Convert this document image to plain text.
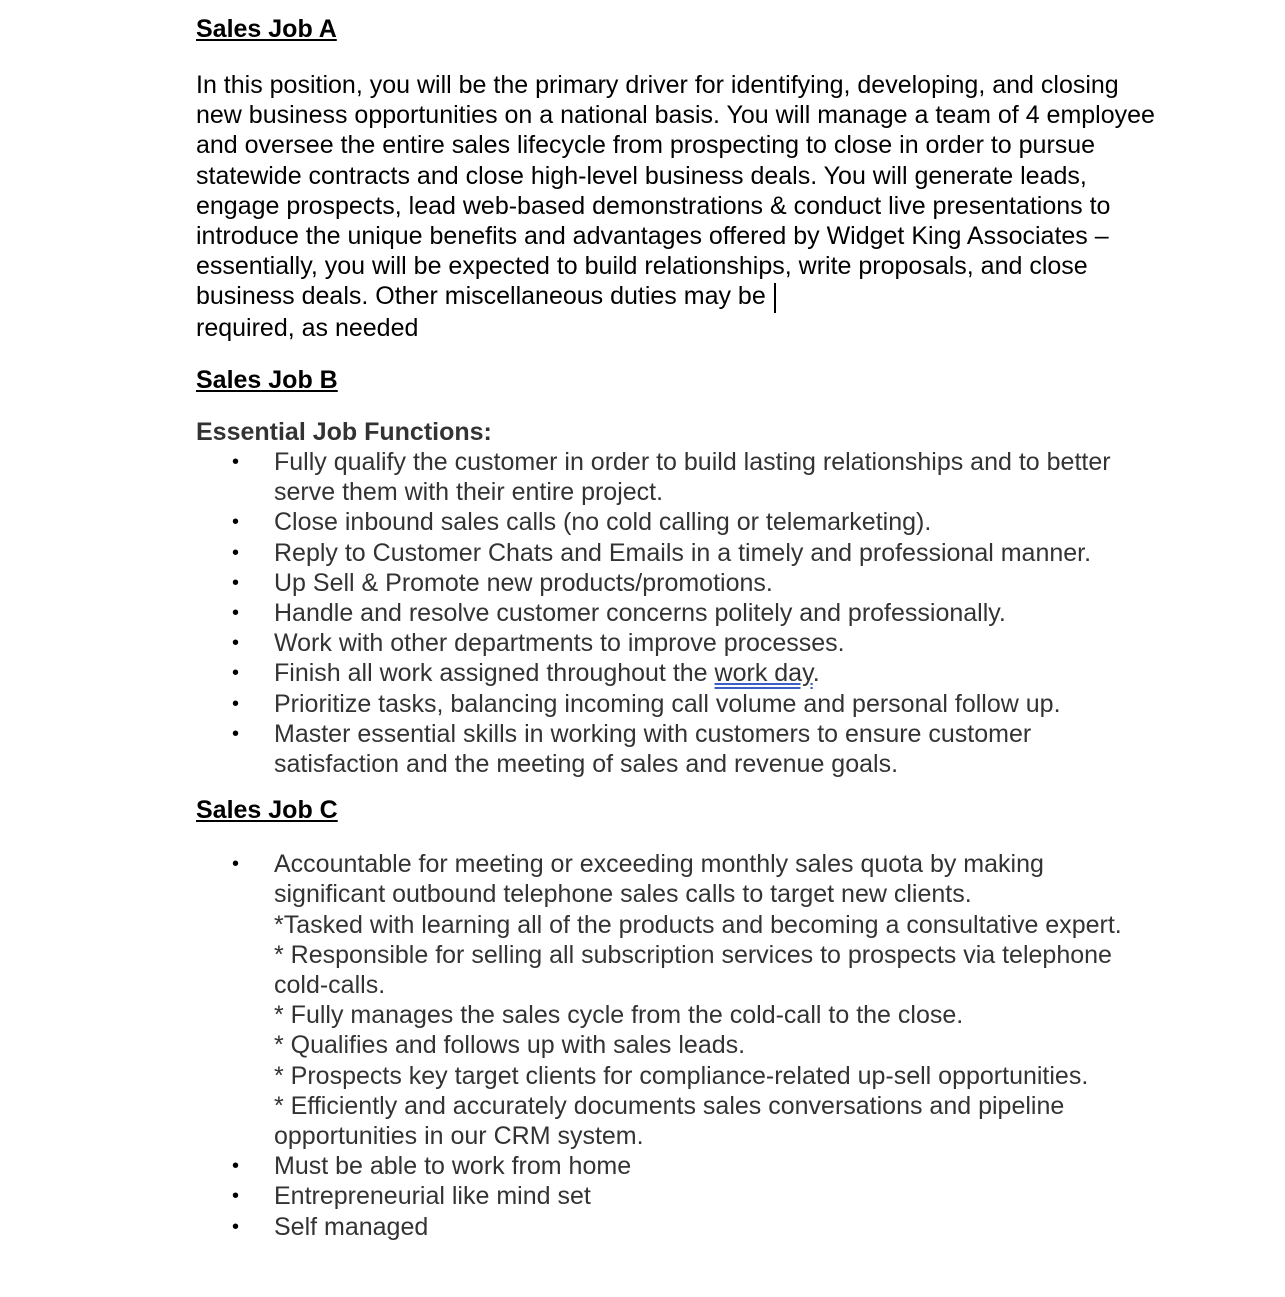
Sales Job A

In this position, you will be the primary driver for identifying, developing, and closing new business opportunities on a national basis. You will manage a team of 4 employee and oversee the entire sales lifecycle from prospecting to close in order to pursue statewide contracts and close high-level business deals. You will generate leads, engage prospects, lead web-based demonstrations & conduct live presentations to introduce the unique benefits and advantages offered by Widget King Associates – essentially, you will be expected to build relationships, write proposals, and close business deals. Other miscellaneous duties may be
required, as needed

Sales Job B

Essential Job Functions:

• Fully qualify the customer in order to build lasting relationships and to better serve them with their entire project.
• Close inbound sales calls (no cold calling or telemarketing).
• Reply to Customer Chats and Emails in a timely and professional manner.
• Up Sell & Promote new products/promotions.
• Handle and resolve customer concerns politely and professionally.
• Work with other departments to improve processes.
• Finish all work assigned throughout the work day.
• Prioritize tasks, balancing incoming call volume and personal follow up.
• Master essential skills in working with customers to ensure customer satisfaction and the meeting of sales and revenue goals.

Sales Job C

• Accountable for meeting or exceeding monthly sales quota by making significant outbound telephone sales calls to target new clients.
*Tasked with learning all of the products and becoming a consultative expert.
* Responsible for selling all subscription services to prospects via telephone cold-calls.
* Fully manages the sales cycle from the cold-call to the close.
* Qualifies and follows up with sales leads.
* Prospects key target clients for compliance-related up-sell opportunities.
* Efficiently and accurately documents sales conversations and pipeline opportunities in our CRM system.
• Must be able to work from home
• Entrepreneurial like mind set
• Self managed
